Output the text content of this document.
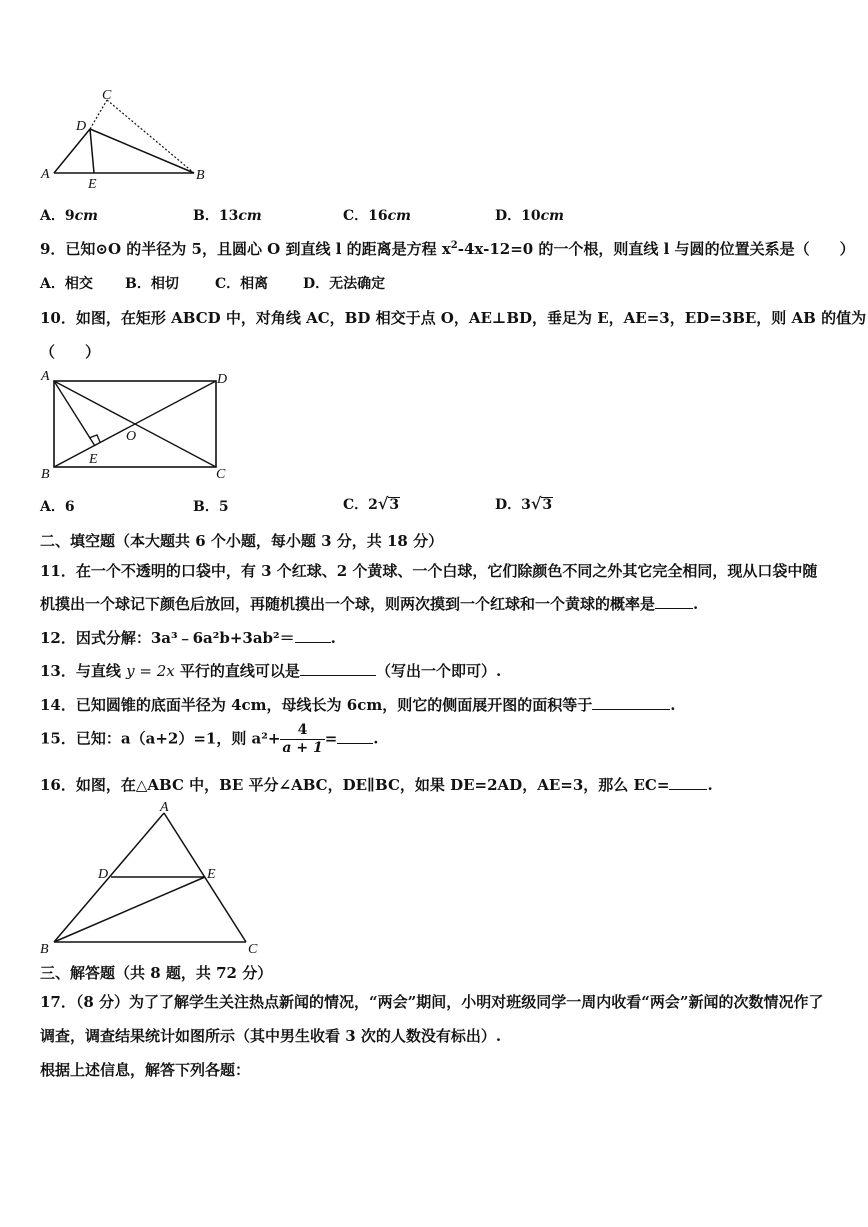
A	B
C
D
E
A．9cm	B．13cm	C．16cm	D．10cm
9．已知⊙O 的半径为 5，且圆心 O 到直线 l 的距离是方程 $x^2-4x-12=0$ 的一个根，则直线 l 与圆的位置关系是（　　）
A．相交 B．相切	C．相离 D．无法确定
10．如图，在矩形 ABCD 中，对角线 AC，BD 相交于点 O，AE⊥BD，垂足为 E，AE=3，ED=3BE，则 AB 的值为
（　　）
A
B	C
D
E
O
A．6	B．5	C．2√3	D．3√3
二、填空题（本大题共 6 个小题，每小题 3 分，共 18 分）
11．在一个不透明的口袋中，有 3 个红球、2 个黄球、一个白球，它们除颜色不同之外其它完全相同，现从口袋中随
机摸出一个球记下颜色后放回，再随机摸出一个球，则两次摸到一个红球和一个黄球的概率是	.
12．因式分解：3a³﹣6a²b+3ab²＝ .
13．与直线 y = 2x 平行的直线可以是	（写出一个即可）.
14．已知圆锥的底面半径为 4cm，母线长为 6cm，则它的侧面展开图的面积等于	.
15．已知：a（a+2）=1，则 $a^2+ \frac{4}{a + 1}$ = .
16．如图，在△ABC 中，BE 平分∠ABC，DE∥BC，如果 DE=2AD，AE=3，那么 EC=	.
A
B	C
D	E
三、解答题（共 8 题，共 72 分）
17．（8 分）为了了解学生关注热点新闻的情况，“两会”期间，小明对班级同学一周内收看“两会”新闻的次数情况作了
调查，调查结果统计如图所示（其中男生收看 3 次的人数没有标出）.
根据上述信息，解答下列各题：
